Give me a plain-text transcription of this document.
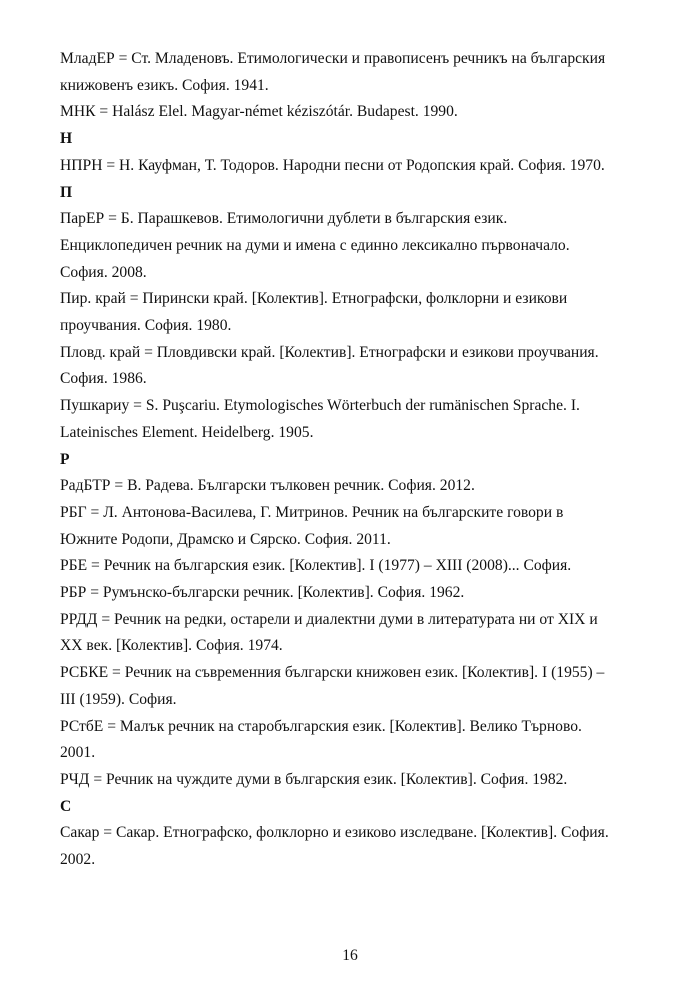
МладЕР = Ст. Младеновъ. Етимологически и правописенъ речникъ на българския
книжовенъ езикъ. София. 1941.
МНК = Halász Elel. Magyar-német kéziszótár. Budapest. 1990.
Н
НПРН = Н. Кауфман, Т. Тодоров. Народни песни от Родопския край. София. 1970.
П
ПарЕР = Б. Парашкевов. Етимологични дублети в българския език.
Енциклопедичен речник на думи и имена с единно лексикално първоначало.
София. 2008.
Пир. край = Пирински край. [Колектив]. Етнографски, фолклорни и езикови
проучвания. София. 1980.
Пловд. край = Пловдивски край. [Колектив]. Етнографски и езикови проучвания.
София. 1986.
Пушкариу = S. Puşcariu. Etymologisches Wörterbuch der rumänischen Sprache. I.
Lateinisches Element. Heidelberg. 1905.
Р
РадБТР = В. Радева. Български тълковен речник. София. 2012.
РБГ = Л. Антонова-Василева, Г. Митринов. Речник на българските говори в
Южните Родопи, Драмско и Сярско. София. 2011.
РБЕ = Речник на българския език. [Колектив]. I (1977) – XIII (2008)... София.
РБР = Румънско-български речник. [Колектив]. София. 1962.
РРДД = Речник на редки, остарели и диалектни думи в литературата ни от XIX и
XX век. [Колектив]. София. 1974.
РСБКЕ = Речник на съвременния български книжовен език. [Колектив]. I (1955) –
III (1959). София.
РСтбЕ = Малък речник на старобългарския език. [Колектив]. Велико Търново.
2001.
РЧД = Речник на чуждите думи в българския език. [Колектив]. София. 1982.
С
Сакар = Сакар. Етнографско, фолклорно и езиково изследване. [Колектив]. София.
2002.
16
